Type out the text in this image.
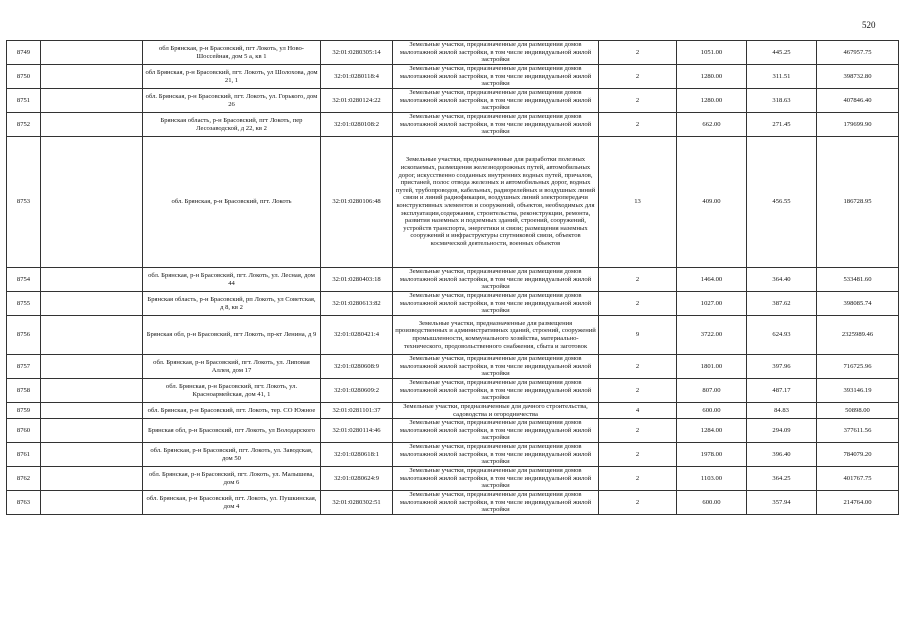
520
8749		обл Брянская, р-н Брасовский, пгт Локоть, ул Ново-Шоссейная, дом 5 а, кв 1	32:01:0280305:14	Земельные участки, предназначенные для размещения домов малоэтажной жилой застройки, в том числе индивидуальной жилой застройки	2	1051.00	445.25	467957.75
8750		обл Брянская, р-н Брасовский, пгт. Локоть, ул Шолохова, дом 21, 1	32:01:0280118:4	Земельные участки, предназначенные для размещения домов малоэтажной жилой застройки, в том числе индивидуальной жилой застройки	2	1280.00	311.51	398732.80
8751		обл. Брянская, р-н Брасовский, пгт. Локоть, ул. Горького, дом 26	32:01:0280124:22	Земельные участки, предназначенные для размещения домов малоэтажной жилой застройки, в том числе индивидуальной жилой застройки	2	1280.00	318.63	407846.40
8752		Брянская область, р-н Брасовский, пгт Локоть, пер Лесозаводской, д 22, кв 2	32:01:0280108:2	Земельные участки, предназначенные для размещения домов малоэтажной жилой застройки, в том числе индивидуальной жилой застройки	2	662.00	271.45	179699.90
8753		обл. Брянская, р-н Брасовский, пгт. Локоть	32:01:0280106:48	Земельные участки, предназначенные для разработки полезных ископаемых, размещения железнодорожных путей, автомобильных дорог, искусственно созданных внутренних водных путей, причалов, пристаней, полос отвода железных и автомобильных дорог, водных путей, трубопроводов, кабельных, радиорелейных и воздушных линий связи и линий радиофикации, воздушных линий электропередачи конструктивных элементов и сооружений, объектов, необходимых для эксплуатации,содержания, строительства, реконструкции, ремонта, развития наземных и подземных зданий, строений, сооружений, устройств транспорта, энергетики и связи; размещения наземных сооружений и инфраструктуры спутниковой связи, объектов космической деятельности, военных объектов	13	409.00	456.55	186728.95
8754		обл. Брянская, р-н Брасовский, пгт. Локоть, ул. Лесная, дом 44	32:01:0280403:18	Земельные участки, предназначенные для размещения домов малоэтажной жилой застройки, в том числе индивидуальной жилой застройки	2	1464.00	364.40	533481.60
8755		Брянская область, р-н Брасовский, рп Локоть, ул Советская, д 8, кв 2	32:01:0280613:82	Земельные участки, предназначенные для размещения домов малоэтажной жилой застройки, в том числе индивидуальной жилой застройки	2	1027.00	387.62	398085.74
8756		Брянская обл, р-н Брасовский, пгт Локоть, пр-кт Ленина, д 9	32:01:0280421:4	Земельные участки, предназначенные для размещения производственных и административных зданий, строений, сооружений промышленности, коммунального хозяйства, материально-технического, продовольственного снабжения, сбыта и заготовок	9	3722.00	624.93	2325989.46
8757		обл. Брянская, р-н Брасовский, пгт. Локоть, ул. Липовая Аллея, дом 17	32:01:0280608:9	Земельные участки, предназначенные для размещения домов малоэтажной жилой застройки, в том числе индивидуальной жилой застройки	2	1801.00	397.96	716725.96
8758		обл. Брянская, р-н Брасовский, пгт. Локоть, ул. Красноармейская, дом 41, 1	32:01:0280609:2	Земельные участки, предназначенные для размещения домов малоэтажной жилой застройки, в том числе индивидуальной жилой застройки	2	807.00	487.17	393146.19
8759		обл. Брянская, р-н Брасовский, пгт. Локоть, тер. СО Южное	32:01:0281101:37	Земельные участки, предназначенные для дачного строительства, садоводства и огородничества	4	600.00	84.83	50898.00
8760		Брянская обл, р-н Брасовский, пгт Локоть, ул Володарского	32:01:0280114:46	Земельные участки, предназначенные для размещения домов малоэтажной жилой застройки, в том числе индивидуальной жилой застройки	2	1284.00	294.09	377611.56
8761		обл. Брянская, р-н Брасовский, пгт. Локоть, ул. Заводская, дом 50	32:01:0280618:1	Земельные участки, предназначенные для размещения домов малоэтажной жилой застройки, в том числе индивидуальной жилой застройки	2	1978.00	396.40	784079.20
8762		обл. Брянская, р-н Брасовский, пгт. Локоть, ул. Малышева, дом 6	32:01:0280624:9	Земельные участки, предназначенные для размещения домов малоэтажной жилой застройки, в том числе индивидуальной жилой застройки	2	1103.00	364.25	401767.75
8763		обл. Брянская, р-н Брасовский, пгт. Локоть, ул. Пушкинская, дом 4	32:01:0280302:51	Земельные участки, предназначенные для размещения домов малоэтажной жилой застройки, в том числе индивидуальной жилой застройки	2	600.00	357.94	214764.00
